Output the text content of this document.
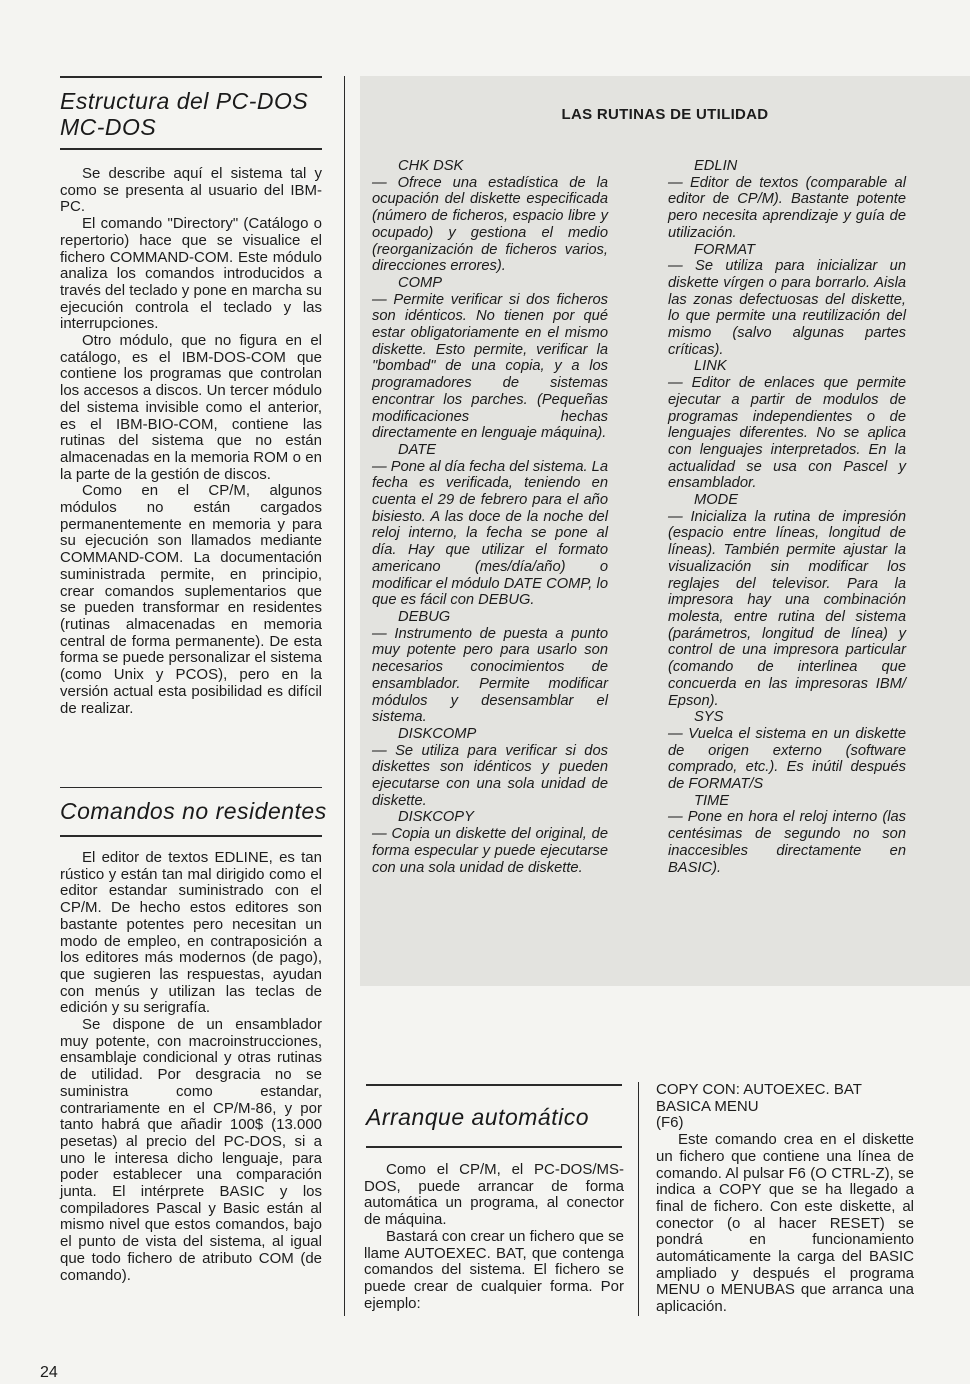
Estructura del PC-DOS
MC-DOS

Se describe aquí el sistema tal y como se presenta al usuario del IBM-PC.

El comando "Directory" (Catálogo o repertorio) hace que se visualice el fichero COMMAND-COM. Este módulo analiza los comandos introducidos a través del teclado y pone en marcha su ejecución controla el teclado y las interrupciones.

Otro módulo, que no figura en el catálogo, es el IBM-DOS-COM que contiene los programas que controlan los accesos a discos. Un tercer módulo del sistema invisible como el anterior, es el IBM-BIO-COM, contiene las rutinas del sistema que no están almacenadas en la memoria ROM o en la parte de la gestión de discos.

Como en el CP/M, algunos módulos no están cargados permanentemente en memoria y para su ejecución son llamados mediante COMMAND-COM. La documentación suministrada permite, en principio, crear comandos suplementarios que se pueden transformar en residentes (rutinas almacenadas en memoria central de forma permanente). De esta forma se puede personalizar el sistema (como Unix y PCOS), pero en la versión actual esta posibilidad es difícil de realizar.

Comandos no residentes

El editor de textos EDLINE, es tan rústico y están tan mal dirigido como el editor estandar suministrado con el CP/M. De hecho estos editores son bastante potentes pero necesitan un modo de empleo, en contraposición a los editores más modernos (de pago), que sugieren las respuestas, ayudan con menús y utilizan las teclas de edición y su serigrafía.

Se dispone de un ensamblador muy potente, con macroinstrucciones, ensamblaje condicional y otras rutinas de utilidad. Por desgracia no se suministra como estandar, contrariamente en el CP/M-86, y por tanto habrá que añadir 100$ (13.000 pesetas) al precio del PC-DOS, si a uno le interesa dicho lenguaje, para poder establecer una comparación junta. El intérprete BASIC y los compiladores Pascal y Basic están al mismo nivel que estos comandos, bajo el punto de vista del sistema, al igual que todo fichero de atributo COM (de comando).

LAS RUTINAS DE UTILIDAD
CHK DSK
— Ofrece una estadística de la ocupación del diskette especificada (número de ficheros, espacio libre y ocupado) y gestiona el medio (reorganización de ficheros varios, direcciones errores).
COMP
— Permite verificar si dos ficheros son idénticos. No tienen por qué estar obligatoriamente en el mismo diskette. Esto permite, verificar la "bombad" de una copia, y a los programadores de sistemas encontrar los parches. (Pequeñas modificaciones hechas directamente en lenguaje máquina).
DATE
— Pone al día fecha del sistema. La fecha es verificada, teniendo en cuenta el 29 de febrero para el año bisiesto. A las doce de la noche del reloj interno, la fecha se pone al día. Hay que utilizar el formato americano (mes/día/año) o modificar el módulo DATE COMP, lo que es fácil con DEBUG.
DEBUG
— Instrumento de puesta a punto muy potente pero para usarlo son necesarios conocimientos de ensamblador. Permite modificar módulos y desensamblar el sistema.
DISKCOMP
— Se utiliza para verificar si dos diskettes son idénticos y pueden ejecutarse con una sola unidad de diskette.
DISKCOPY
— Copia un diskette del original, de forma especular y puede ejecutarse con una sola unidad de diskette.
EDLIN
— Editor de textos (comparable al editor de CP/M). Bastante potente pero necesita aprendizaje y guía de utilización.
FORMAT
— Se utiliza para inicializar un diskette vírgen o para borrarlo. Aisla las zonas defectuosas del diskette, lo que permite una reutilización del mismo (salvo algunas partes críticas).
LINK
— Editor de enlaces que permite ejecutar a partir de modulos de programas independientes o de lenguajes diferentes. No se aplica con lenguajes interpretados. En la actualidad se usa con Pascel y ensamblador.
MODE
— Inicializa la rutina de impresión (espacio entre líneas, longitud de líneas). También permite ajustar la visualización sin modificar los reglajes del televisor. Para la impresora hay una combinación molesta, entre rutina del sistema (parámetros, longitud de línea) y control de una impresora particular (comando de interlinea que concuerda en las impresoras IBM/ Epson).
SYS
— Vuelca el sistema en un diskette de origen externo (software comprado, etc.). Es inútil después de FORMAT/S
TIME
— Pone en hora el reloj interno (las centésimas de segundo no son inaccesibles directamente en BASIC).
Arranque automático

Como el CP/M, el PC-DOS/MS-DOS, puede arrancar de forma automática un programa, al conector de máquina.

Bastará con crear un fichero que se llame AUTOEXEC. BAT, que contenga comandos del sistema. El fichero se puede crear de cualquier forma. Por ejemplo:

COPY CON: AUTOEXEC. BAT
BASICA MENU
(F6)

Este comando crea en el diskette un fichero que contiene una línea de comando. Al pulsar F6 (O CTRL-Z), se indica a COPY que se ha llegado a final de fichero. Con este diskette, al conector (o al hacer RESET) se pondrá en funcionamiento automáticamente la carga del BASIC ampliado y después el programa MENU o MENUBAS que arranca una aplicación.

24
